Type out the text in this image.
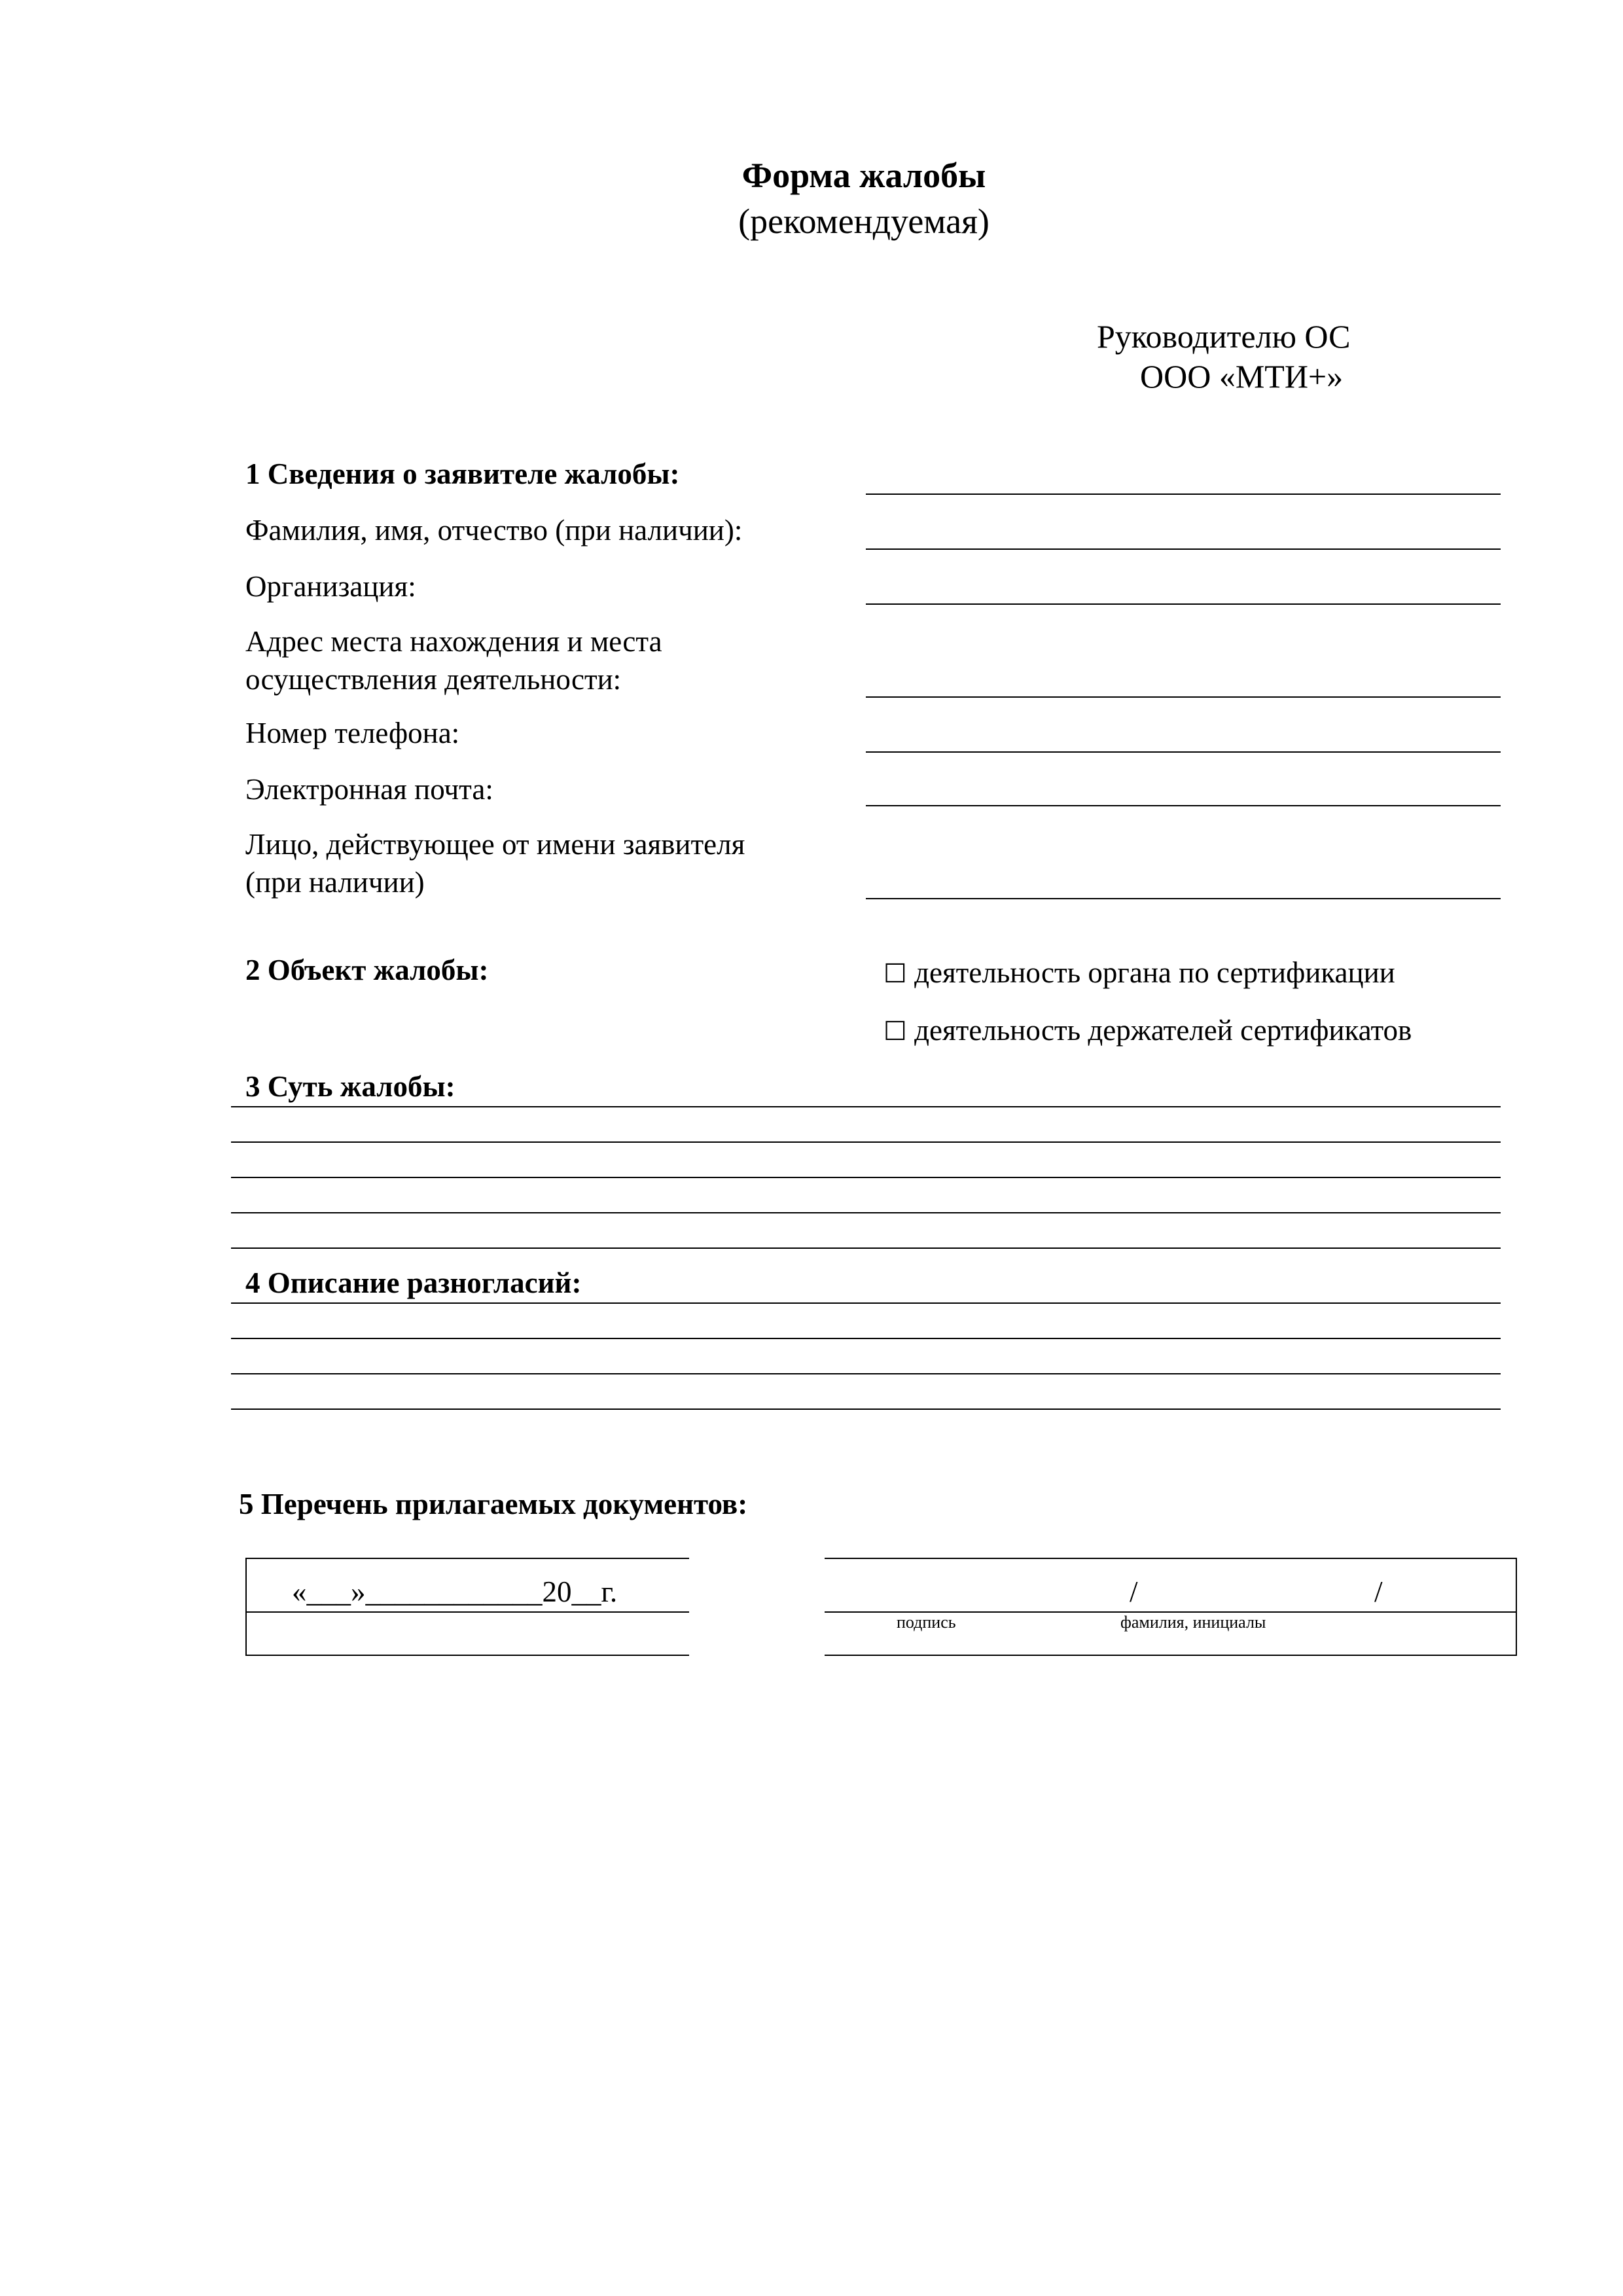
Форма жалобы
(рекомендуемая)
Руководителю ОС
ООО «МТИ+»
1 Сведения о заявителе жалобы:
Фамилия, имя, отчество (при наличии):
Организация:
Адрес места нахождения и места
осуществления деятельности:
Номер телефона:
Электронная почта:
Лицо, действующее от имени заявителя
(при наличии)
2 Объект жалобы:	☐ деятельность органа по сертификации
☐ деятельность держателей сертификатов
3 Суть жалобы:
4 Описание разногласий:
5 Перечень прилагаемых документов:
«___»____________20__г.	/	/
подпись	фамилия, инициалы
